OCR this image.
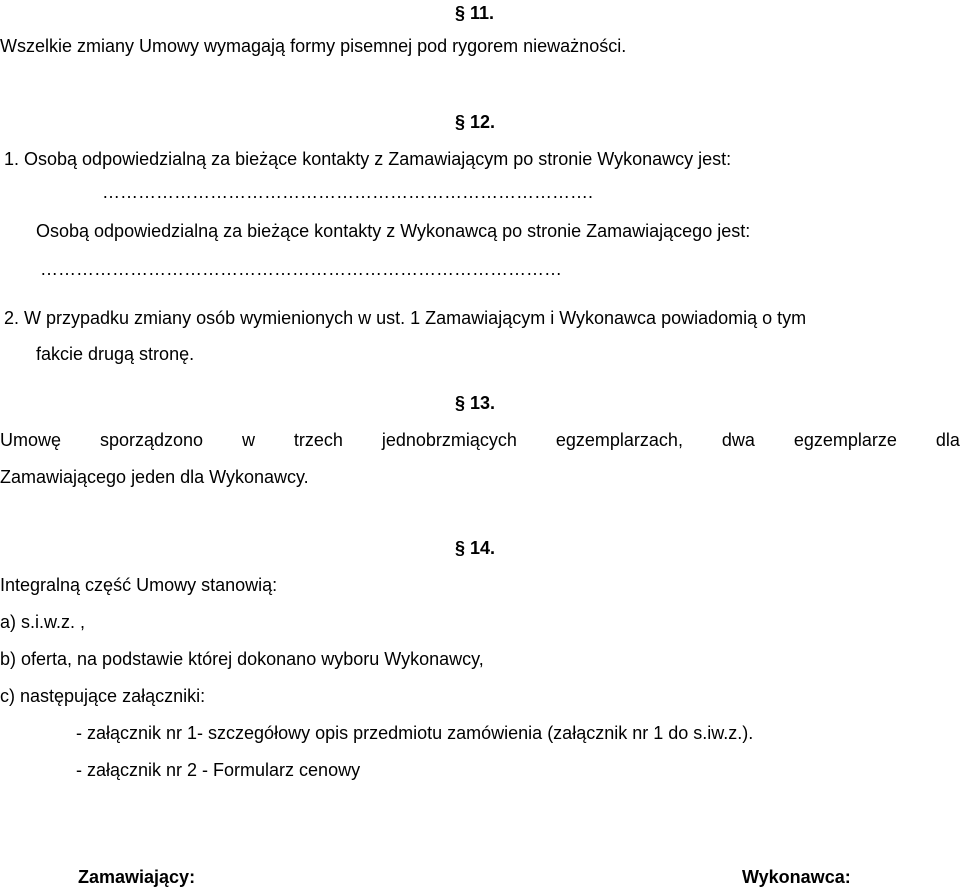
§ 11.
Wszelkie zmiany Umowy wymagają formy pisemnej pod rygorem nieważności.
§ 12.
1. Osobą odpowiedzialną za bieżące kontakty z Zamawiającym po stronie Wykonawcy jest:
……………………………………………………………………….
Osobą odpowiedzialną za bieżące kontakty z Wykonawcą po stronie Zamawiającego jest:
……………………………………………………………………………
2. W przypadku zmiany osób wymienionych w ust. 1 Zamawiającym i Wykonawca powiadomią o tym
fakcie drugą stronę.
§ 13.
Umowę sporządzono w trzech jednobrzmiących egzemplarzach, dwa egzemplarze dla
Zamawiającego jeden dla Wykonawcy.
§ 14.
Integralną część Umowy stanowią:
a) s.i.w.z. ,
b) oferta, na podstawie której dokonano wyboru Wykonawcy,
c) następujące załączniki:
- załącznik nr 1- szczegółowy opis przedmiotu zamówienia (załącznik nr 1 do s.iw.z.).
- załącznik nr 2 - Formularz cenowy
Zamawiający:	Wykonawca:
